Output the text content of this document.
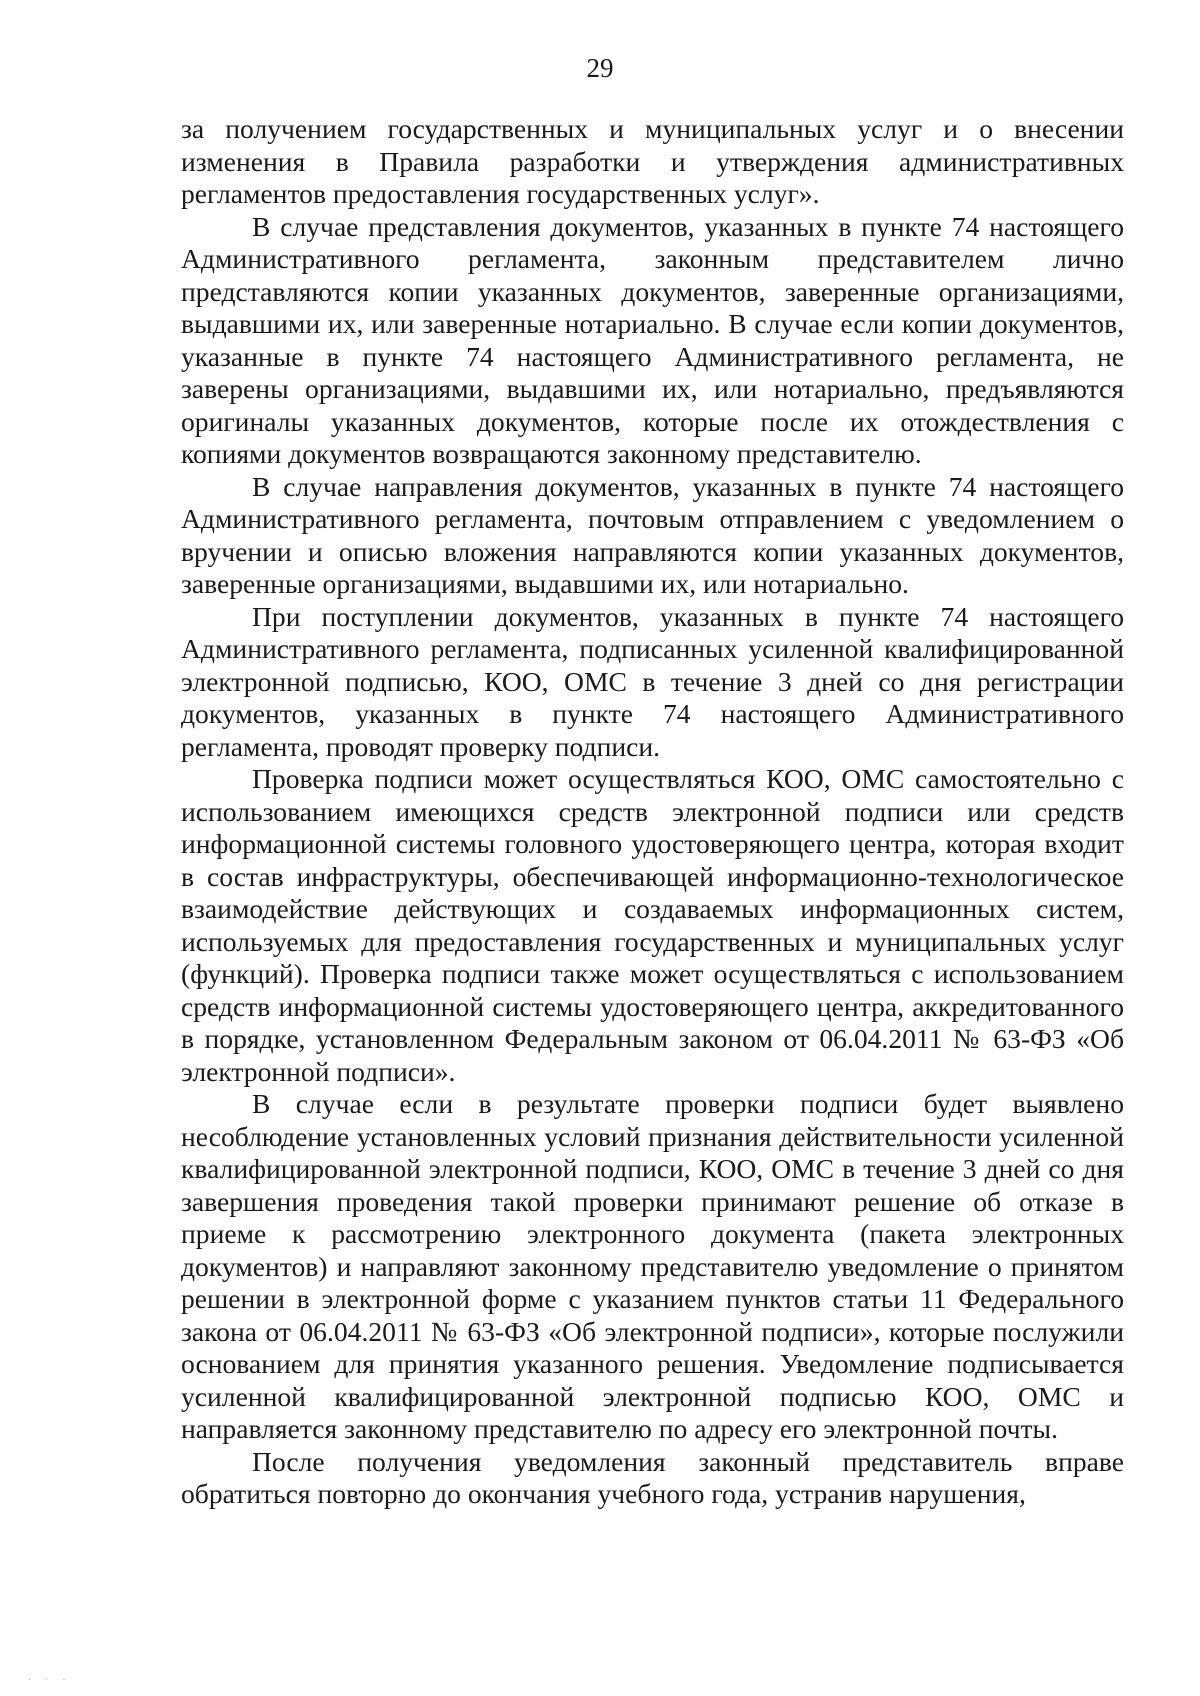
29

за получением государственных и муниципальных услуг и о внесении изменения в Правила разработки и утверждения административных регламентов предоставления государственных услуг».

В случае представления документов, указанных в пункте 74 настоящего Административного регламента, законным представителем лично представляются копии указанных документов, заверенные организациями, выдавшими их, или заверенные нотариально. В случае если копии документов, указанные в пункте 74 настоящего Административного регламента, не заверены организациями, выдавшими их, или нотариально, предъявляются оригиналы указанных документов, которые после их отождествления с копиями документов возвращаются законному представителю.

В случае направления документов, указанных в пункте 74 настоящего Административного регламента, почтовым отправлением с уведомлением о вручении и описью вложения направляются копии указанных документов, заверенные организациями, выдавшими их, или нотариально.

При поступлении документов, указанных в пункте 74 настоящего Административного регламента, подписанных усиленной квалифицированной электронной подписью, КОО, ОМС в течение 3 дней со дня регистрации документов, указанных в пункте 74 настоящего Административного регламента, проводят проверку подписи.

Проверка подписи может осуществляться КОО, ОМС самостоятельно с использованием имеющихся средств электронной подписи или средств информационной системы головного удостоверяющего центра, которая входит в состав инфраструктуры, обеспечивающей информационно-технологическое взаимодействие действующих и создаваемых информационных систем, используемых для предоставления государственных и муниципальных услуг (функций). Проверка подписи также может осуществляться с использованием средств информационной системы удостоверяющего центра, аккредитованного в порядке, установленном Федеральным законом от 06.04.2011 № 63-ФЗ «Об электронной подписи».

В случае если в результате проверки подписи будет выявлено несоблюдение установленных условий признания действительности усиленной квалифицированной электронной подписи, КОО, ОМС в течение 3 дней со дня завершения проведения такой проверки принимают решение об отказе в приеме к рассмотрению электронного документа (пакета электронных документов) и направляют законному представителю уведомление о принятом решении в электронной форме с указанием пунктов статьи 11 Федерального закона от 06.04.2011 № 63-ФЗ «Об электронной подписи», которые послужили основанием для принятия указанного решения. Уведомление подписывается усиленной квалифицированной электронной подписью КОО, ОМС и направляется законному представителю по адресу его электронной почты.

После получения уведомления законный представитель вправе обратиться повторно до окончания учебного года, устранив нарушения,

·‧·
